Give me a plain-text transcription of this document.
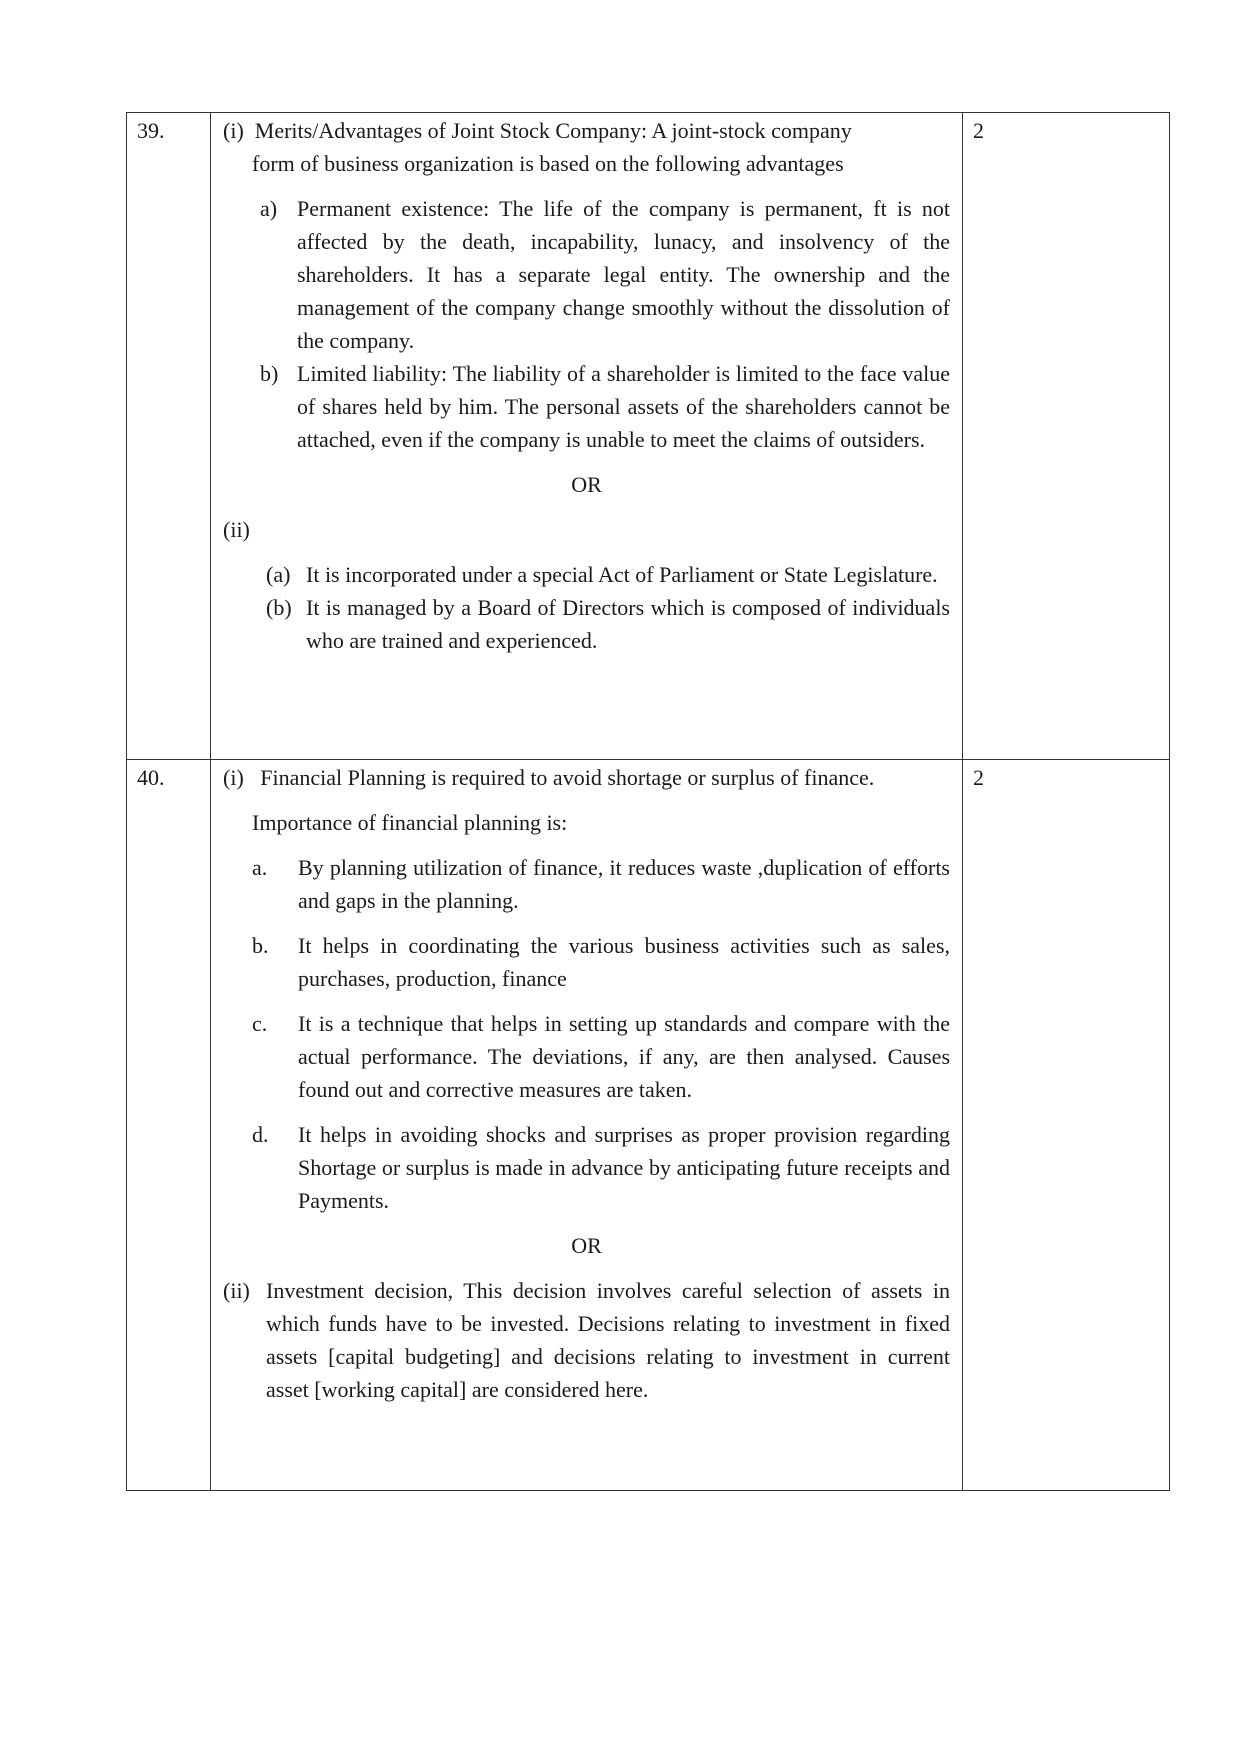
39.	(i) Merits/Advantages of Joint Stock Company: A joint-stock company

form of business organization is based on the following advantages

a) Permanent existence: The life of the company is permanent, ft is not affected by the death, incapability, lunacy, and insolvency of the shareholders. It has a separate legal entity. The ownership and the management of the company change smoothly without the dissolution of the company.
b) Limited liability: The liability of a shareholder is limited to the face value of shares held by him. The personal assets of the shareholders cannot be attached, even if the company is unable to meet the claims of outsiders.

OR

(ii)

(a) It is incorporated under a special Act of Parliament or State Legislature.
(b) It is managed by a Board of Directors which is composed of individuals who are trained and experienced.
2
40.	(i) Financial Planning is required to avoid shortage or surplus of finance.

Importance of financial planning is:

a.	By planning utilization of finance, it reduces waste ,duplication of efforts and gaps in the planning.
b.	It helps in coordinating the various business activities such as sales, purchases, production, finance
c.	It is a technique that helps in setting up standards and compare with the actual performance. The deviations, if any, are then analysed. Causes found out and corrective measures are taken.
d.	It helps in avoiding shocks and surprises as proper provision regarding Shortage or surplus is made in advance by anticipating future receipts and Payments.

OR

(ii) Investment decision, This decision involves careful selection of assets in which funds have to be invested. Decisions relating to investment in fixed assets [capital budgeting] and decisions relating to investment in current asset [working capital] are considered here.
2
